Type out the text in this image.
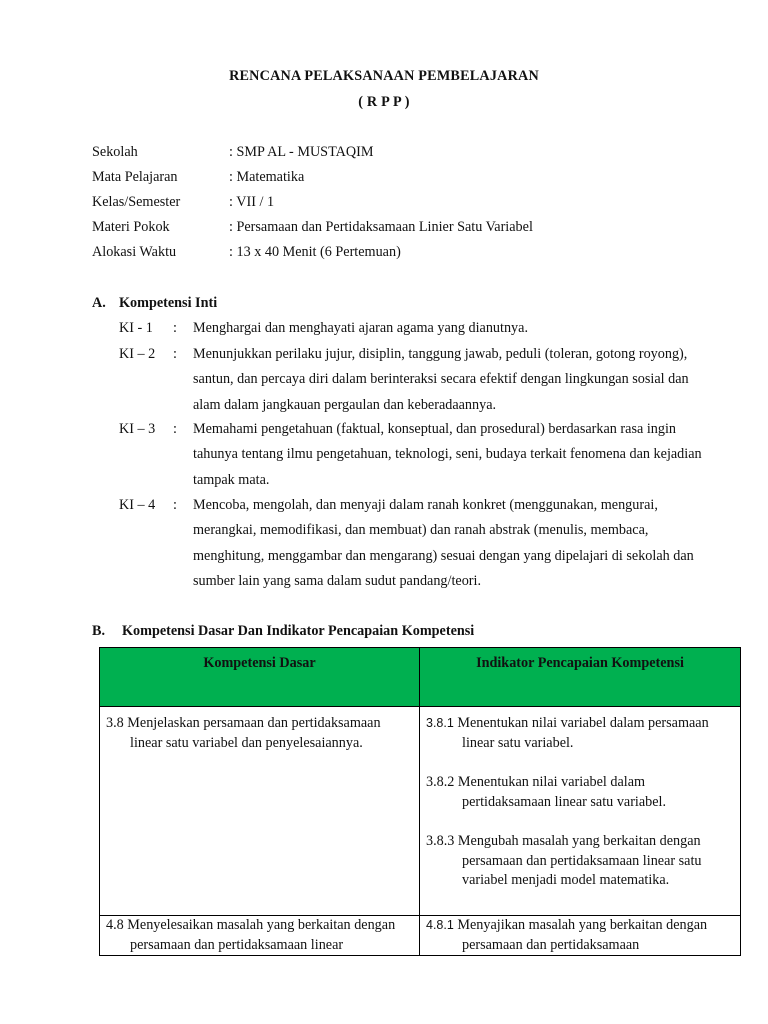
RENCANA PELAKSANAAN PEMBELAJARAN
( R P P )
Sekolah	: SMP AL - MUSTAQIM
Mata Pelajaran	: Matematika
Kelas/Semester	: VII / 1
Materi Pokok	: Persamaan dan Pertidaksamaan Linier Satu Variabel
Alokasi Waktu	: 13 x 40 Menit (6 Pertemuan)
A. Kompetensi Inti
KI - 1 : Menghargai dan menghayati ajaran agama yang dianutnya.
KI – 2 : Menunjukkan perilaku jujur, disiplin, tanggung jawab, peduli (toleran, gotong royong), santun, dan percaya diri dalam berinteraksi secara efektif dengan lingkungan sosial dan alam dalam jangkauan pergaulan dan keberadaannya.
KI – 3 : Memahami pengetahuan (faktual, konseptual, dan prosedural) berdasarkan rasa ingin tahunya tentang ilmu pengetahuan, teknologi, seni, budaya terkait fenomena dan kejadian tampak mata.
KI – 4 : Mencoba, mengolah, dan menyaji dalam ranah konkret (menggunakan, mengurai, merangkai, memodifikasi, dan membuat) dan ranah abstrak (menulis, membaca, menghitung, menggambar dan mengarang) sesuai dengan yang dipelajari di sekolah dan sumber lain yang sama dalam sudut pandang/teori.
B. Kompetensi Dasar Dan Indikator Pencapaian Kompetensi
Kompetensi Dasar	Indikator Pencapaian Kompetensi

3.8 Menjelaskan persamaan dan pertidaksamaan linear satu variabel dan penyelesaiannya.	3.8.1 Menentukan nilai variabel dalam persamaan linear satu variabel.
3.8.2 Menentukan nilai variabel dalam pertidaksamaan linear satu variabel.
3.8.3 Mengubah masalah yang berkaitan dengan persamaan dan pertidaksamaan linear satu variabel menjadi model matematika.

4.8 Menyelesaikan masalah yang berkaitan dengan persamaan dan pertidaksamaan linear	4.8.1 Menyajikan masalah yang berkaitan dengan persamaan dan pertidaksamaan
